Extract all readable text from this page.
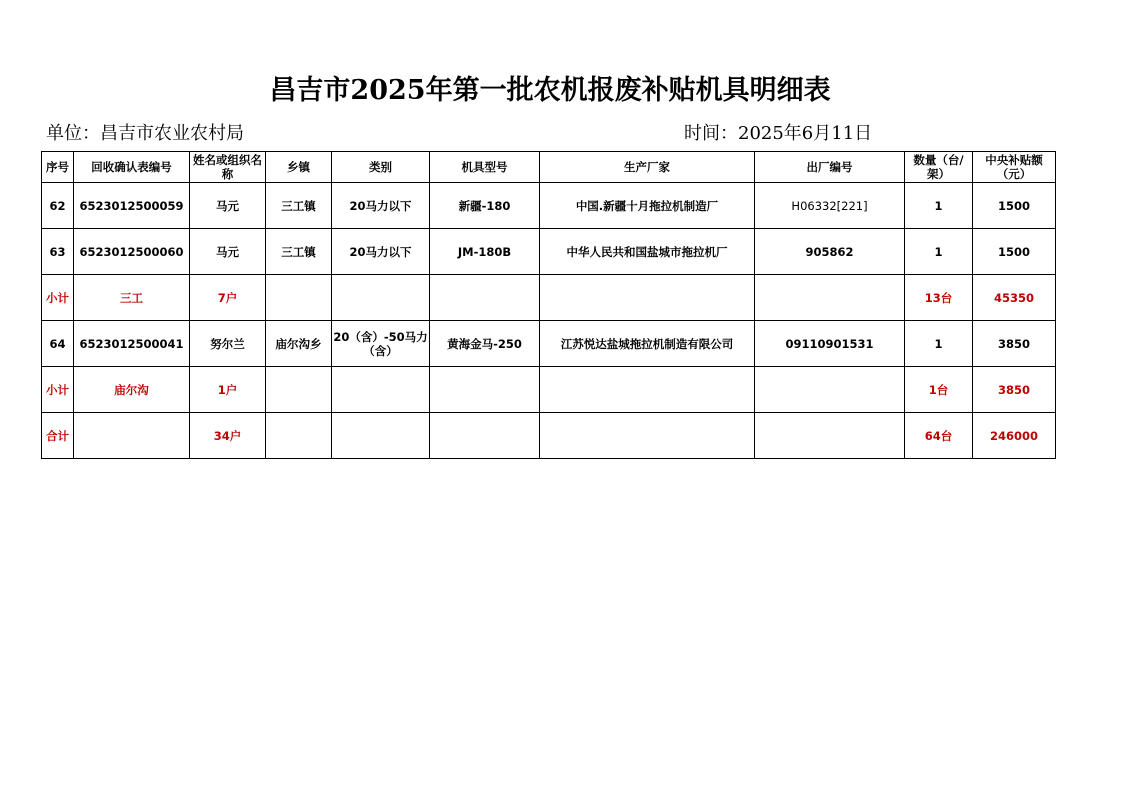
昌吉市2025年第一批农机报废补贴机具明细表
单位：昌吉市农业农村局	时间：2025年6月11日
序号	回收确认表编号	姓名或组织名称	乡镇	类别	机具型号	生产厂家	出厂编号	数量（台/架）	中央补贴额（元）
62	6523012500059	马元	三工镇	20马力以下	新疆-180	中国.新疆十月拖拉机制造厂	H06332[221]	1	1500
63	6523012500060	马元	三工镇	20马力以下	JM-180B	中华人民共和国盐城市拖拉机厂	905862	1	1500
小计	三工	7户						13台	45350
64	6523012500041	努尔兰	庙尔沟乡	20（含）-50马力（含）	黄海金马-250	江苏悦达盐城拖拉机制造有限公司	09110901531	1	3850
小计	庙尔沟	1户						1台	3850
合计		34户						64台	246000
